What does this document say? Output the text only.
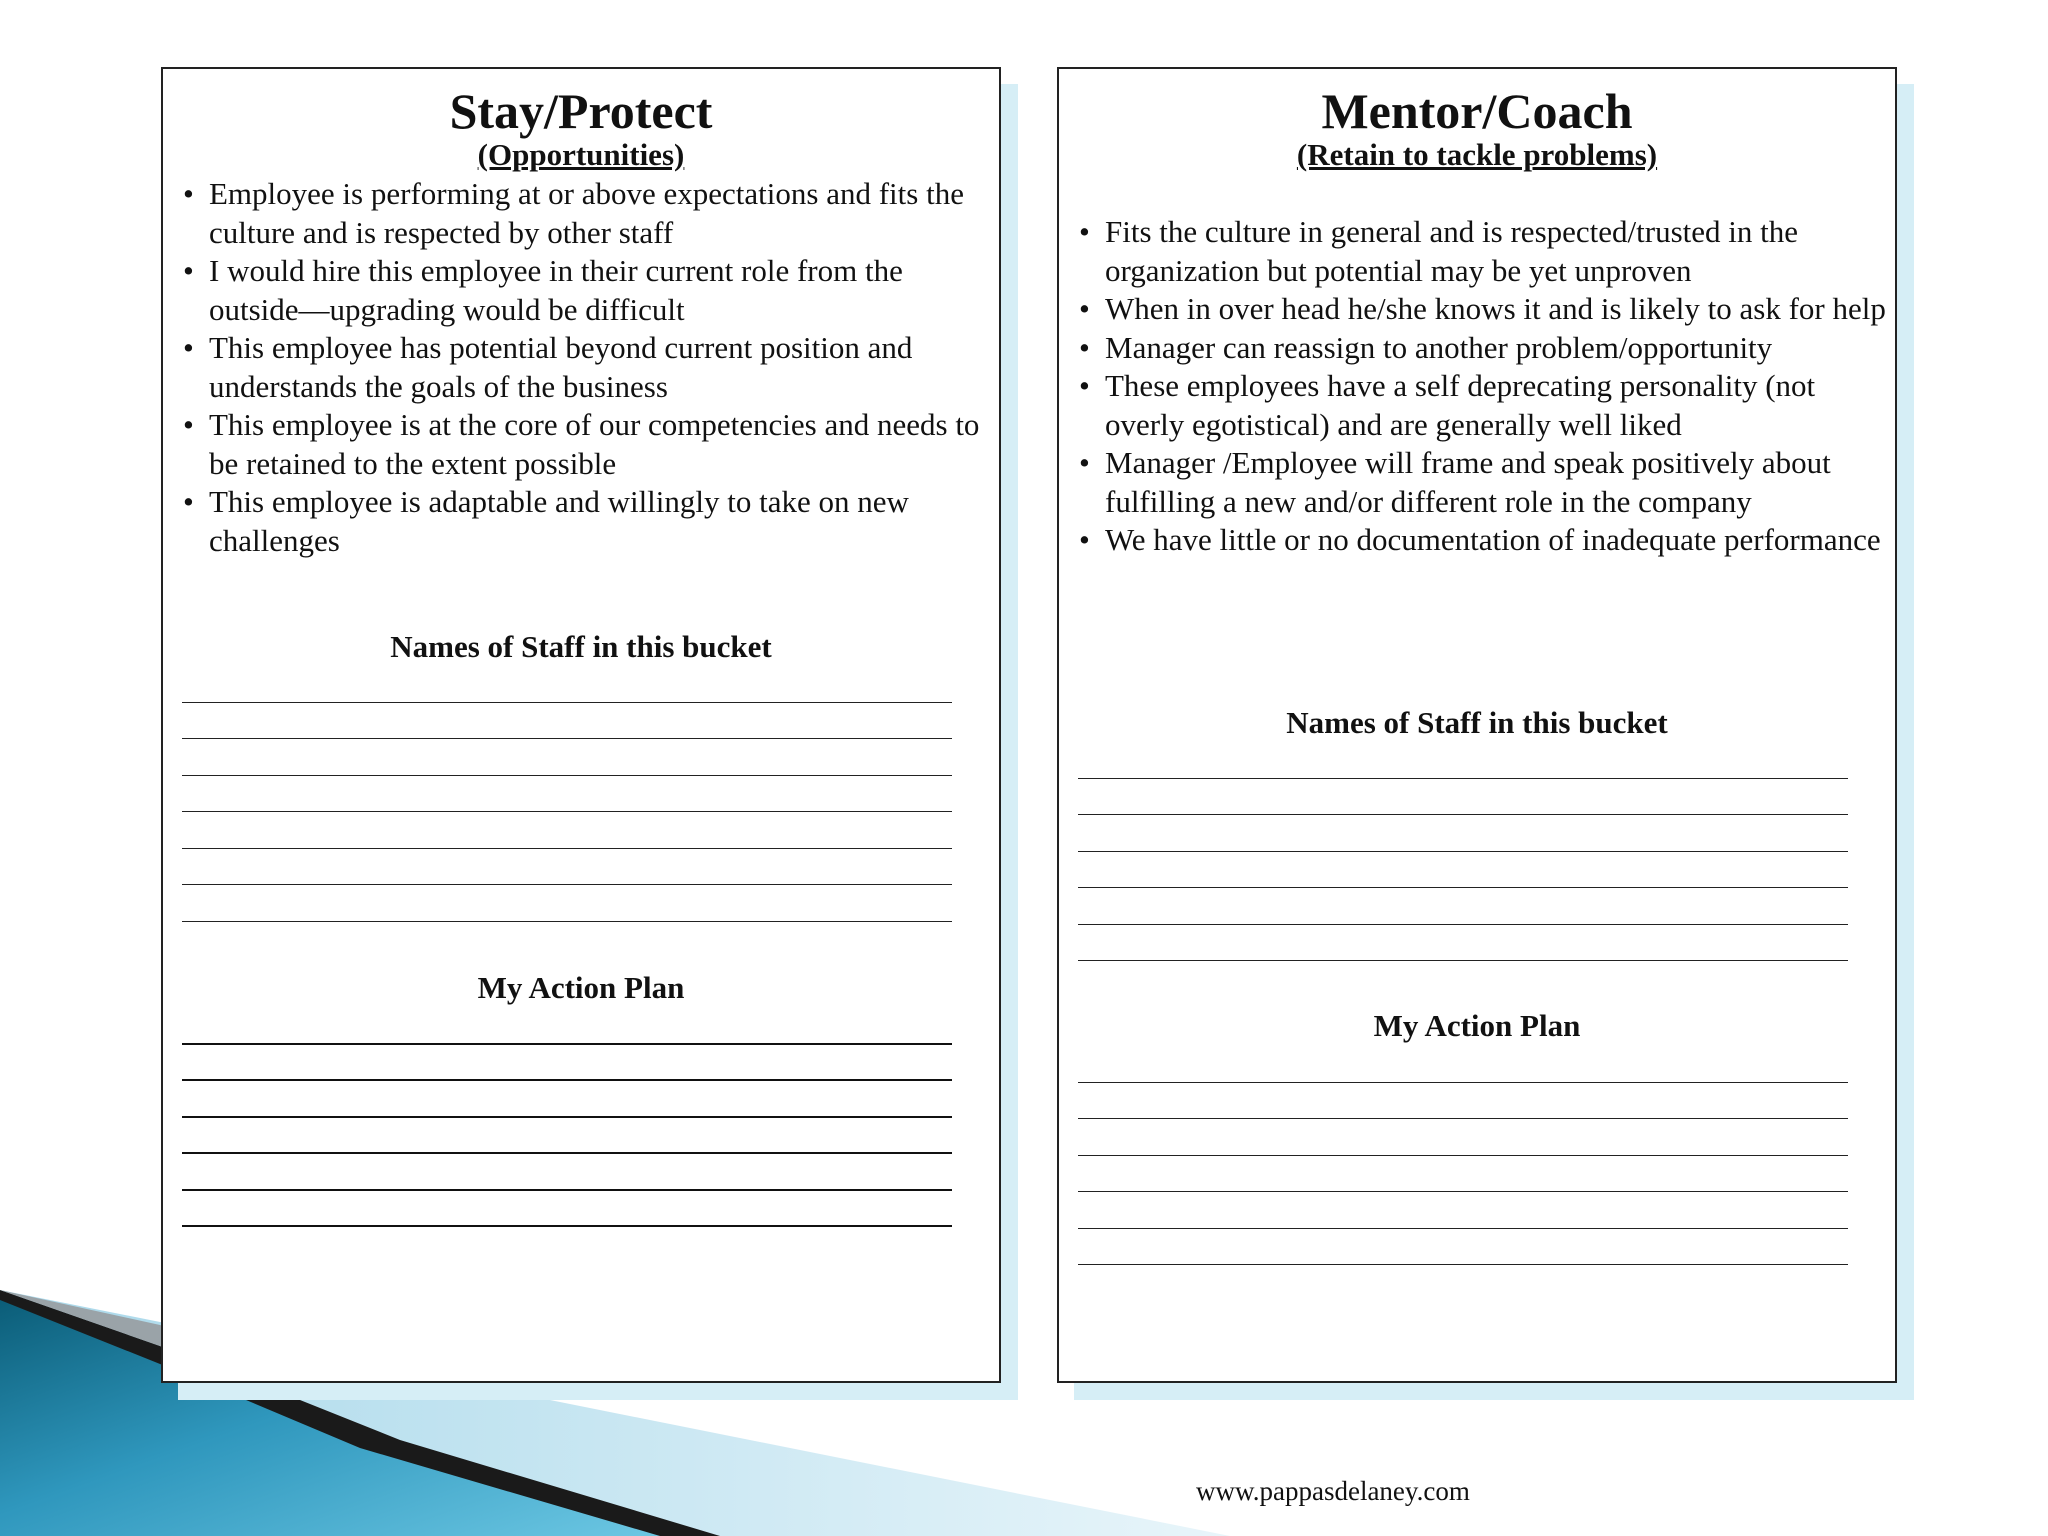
Stay/Protect
(Opportunities)
• Employee is performing at or above expectations and fits the culture and is respected by other staff
• I would hire this employee in their current role from the outside—upgrading would be difficult
• This employee has potential beyond current position and understands the goals of the business
• This employee is at the core of our competencies and needs to be retained to the extent possible
• This employee is adaptable and willingly to take on new challenges
Names of Staff in this bucket
My Action Plan
Mentor/Coach
(Retain to tackle problems)
• Fits the culture in general and is respected/trusted in the organization but potential may be yet unproven
• When in over head he/she knows it and is likely to ask for help
• Manager can reassign to another problem/opportunity
• These employees have a self deprecating personality (not overly egotistical) and are generally well liked
• Manager /Employee will frame and speak positively about fulfilling a new and/or different role in the company
• We have little or no documentation of inadequate performance
Names of Staff in this bucket
My Action Plan
www.pappasdelaney.com
